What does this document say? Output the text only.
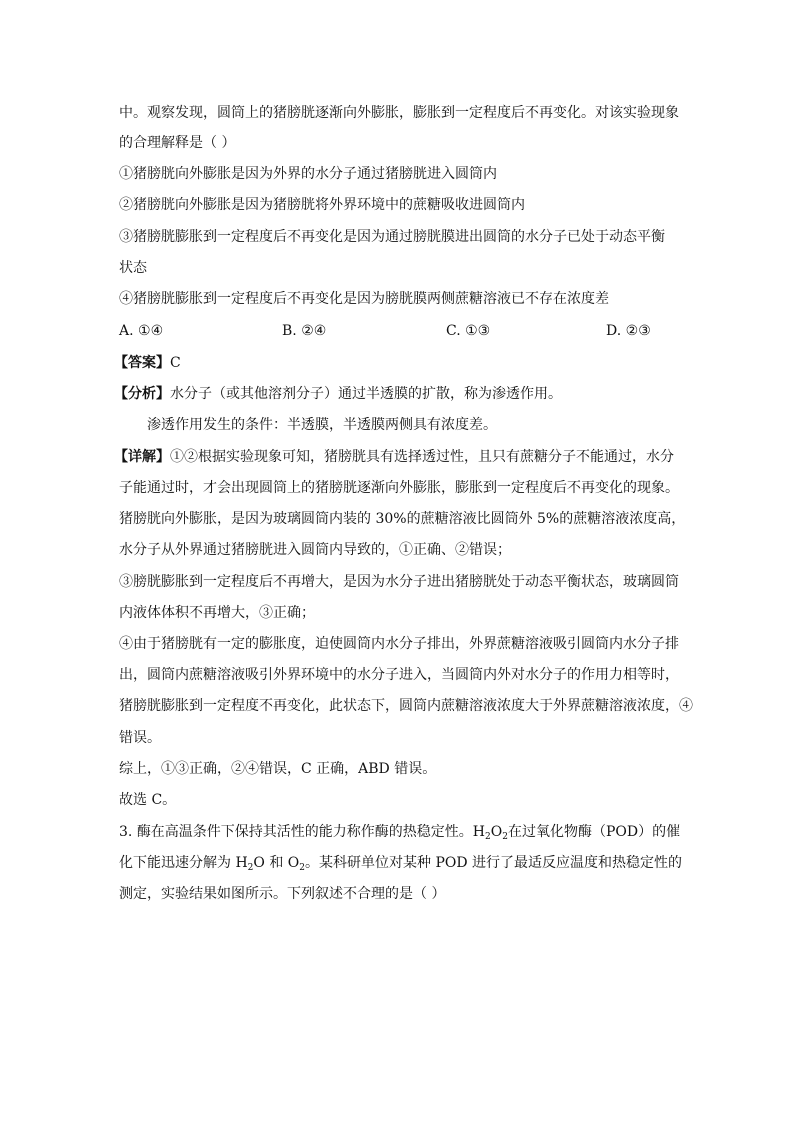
中。观察发现，圆筒上的猪膀胱逐渐向外膨胀，膨胀到一定程度后不再变化。对该实验现象
的合理解释是（ ）
①猪膀胱向外膨胀是因为外界的水分子通过猪膀胱进入圆筒内
②猪膀胱向外膨胀是因为猪膀胱将外界环境中的蔗糖吸收进圆筒内
③猪膀胱膨胀到一定程度后不再变化是因为通过膀胱膜进出圆筒的水分子已处于动态平衡
状态
④猪膀胱膨胀到一定程度后不再变化是因为膀胱膜两侧蔗糖溶液已不存在浓度差
A. ①④	B. ②④	C. ①③	D. ②③
【答案】C
【分析】水分子（或其他溶剂分子）通过半透膜的扩散，称为渗透作用。
渗透作用发生的条件：半透膜，半透膜两侧具有浓度差。
【详解】①②根据实验现象可知，猪膀胱具有选择透过性，且只有蔗糖分子不能通过，水分
子能通过时，才会出现圆筒上的猪膀胱逐渐向外膨胀，膨胀到一定程度后不再变化的现象。
猪膀胱向外膨胀，是因为玻璃圆筒内装的 30%的蔗糖溶液比圆筒外 5%的蔗糖溶液浓度高，
水分子从外界通过猪膀胱进入圆筒内导致的，①正确、②错误；
③膀胱膨胀到一定程度后不再增大，是因为水分子进出猪膀胱处于动态平衡状态，玻璃圆筒
内液体体积不再增大，③正确；
④由于猪膀胱有一定的膨胀度，迫使圆筒内水分子排出，外界蔗糖溶液吸引圆筒内水分子排
出，圆筒内蔗糖溶液吸引外界环境中的水分子进入，当圆筒内外对水分子的作用力相等时，
猪膀胱膨胀到一定程度不再变化，此状态下，圆筒内蔗糖溶液浓度大于外界蔗糖溶液浓度，④
错误。
综上，①③正确，②④错误，C 正确，ABD 错误。
故选 C。
3. 酶在高温条件下保持其活性的能力称作酶的热稳定性。$H_2O_2$在过氧化物酶（POD）的催
化下能迅速分解为 $H_2O$ 和 $O_2$。某科研单位对某种 POD 进行了最适反应温度和热稳定性的
测定，实验结果如图所示。下列叙述不合理的是（ ）
